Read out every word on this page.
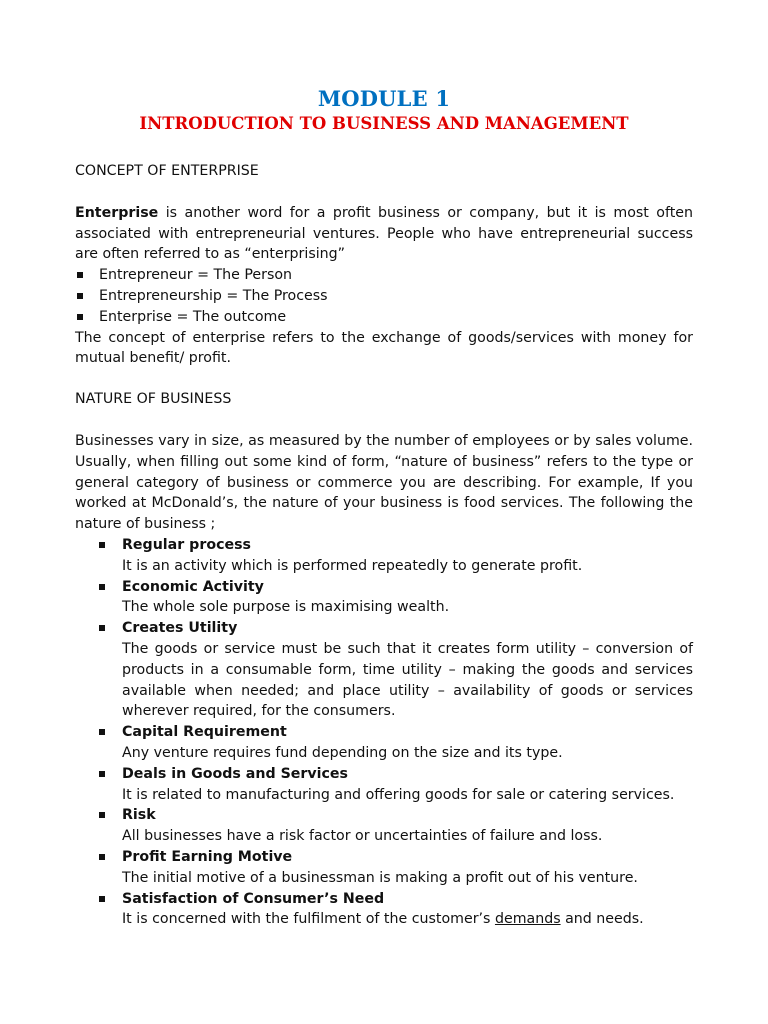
MODULE 1
INTRODUCTION TO BUSINESS AND MANAGEMENT
CONCEPT OF ENTERPRISE

Enterprise is another word for a profit business or company, but it is most often associated with entrepreneurial ventures. People who have entrepreneurial success are often referred to as “enterprising”

Entrepreneur = The Person
Entrepreneurship = The Process
Enterprise = The outcome

The concept of enterprise refers to the exchange of goods/services with money for mutual benefit/ profit.

NATURE OF BUSINESS

Businesses vary in size, as measured by the number of employees or by sales volume. Usually, when filling out some kind of form, “nature of business” refers to the type or general category of business or commerce you are describing. For example, If you worked at McDonald’s, the nature of your business is food services. The following the nature of business ;

Regular process
It is an activity which is performed repeatedly to generate profit.
Economic Activity
The whole sole purpose is maximising wealth.
Creates Utility
The goods or service must be such that it creates form utility – conversion of products in a consumable form, time utility – making the goods and services available when needed; and place utility – availability of goods or services wherever required, for the consumers.
Capital Requirement
Any venture requires fund depending on the size and its type.
Deals in Goods and Services
It is related to manufacturing and offering goods for sale or catering services.
Risk
All businesses have a risk factor or uncertainties of failure and loss.
Profit Earning Motive
The initial motive of a businessman is making a profit out of his venture.
Satisfaction of Consumer’s Need
It is concerned with the fulfilment of the customer’s demands and needs.
